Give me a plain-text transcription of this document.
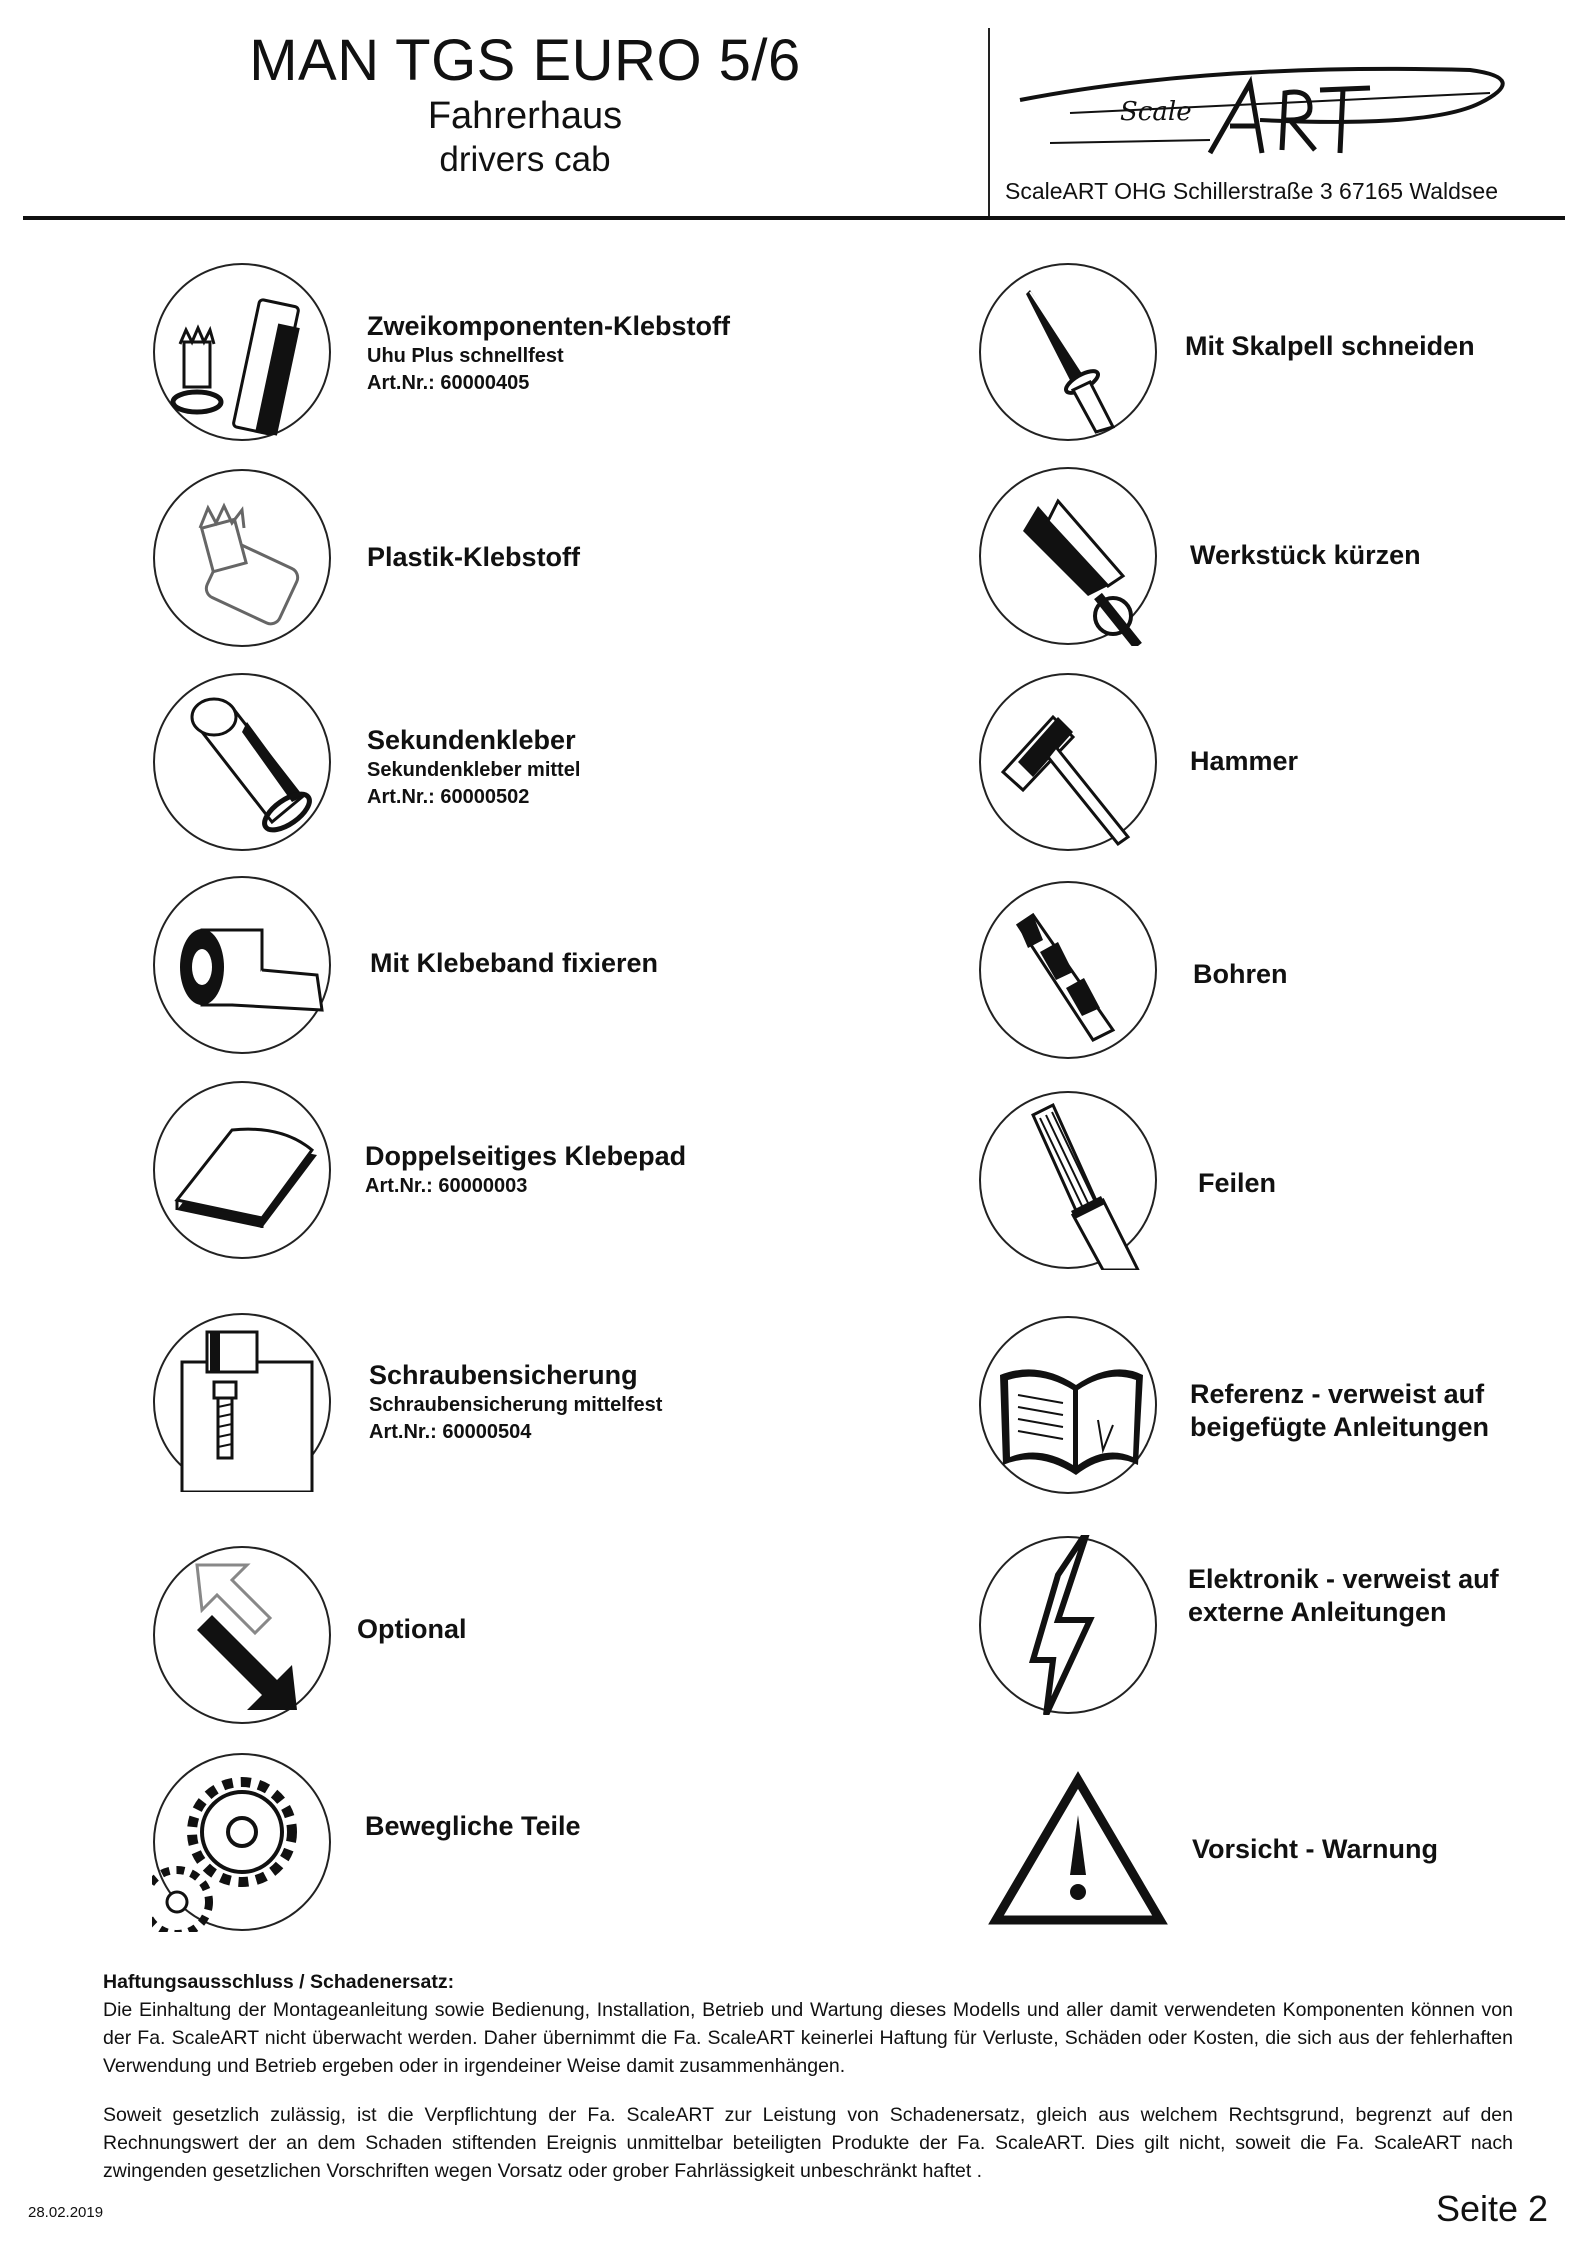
MAN TGS EURO 5/6
Fahrerhaus
drivers cab
Scale
ScaleART OHG Schillerstraße 3 67165 Waldsee
Zweikomponenten-Klebstoff
Uhu Plus schnellfest
Art.Nr.: 60000405
Plastik-Klebstoff
Sekundenkleber
Sekundenkleber mittel
Art.Nr.: 60000502
Mit Klebeband fixieren
Doppelseitiges Klebepad
Art.Nr.: 60000003
Schraubensicherung
Schraubensicherung mittelfest
Art.Nr.: 60000504
Optional
Bewegliche Teile
Mit Skalpell schneiden
Werkstück kürzen
Hammer
Bohren
Feilen
Referenz - verweist auf
beigefügte Anleitungen
Elektronik - verweist auf
externe Anleitungen
Vorsicht - Warnung
Haftungsausschluss / Schadenersatz:

Die Einhaltung der Montageanleitung sowie Bedienung, Installation, Betrieb und Wartung dieses Modells und aller damit verwendeten Komponenten können von der Fa. ScaleART nicht überwacht werden. Daher übernimmt die Fa. ScaleART keinerlei Haftung für Verluste, Schäden oder Kosten, die sich aus der fehlerhaften Verwendung und Betrieb ergeben oder in irgendeiner Weise damit zusammenhängen.

Soweit gesetzlich zulässig, ist die Verpflichtung der Fa. ScaleART zur Leistung von Schadenersatz, gleich aus welchem Rechtsgrund, begrenzt auf den Rechnungswert der an dem Schaden stiftenden Ereignis unmittelbar beteiligten Produkte der Fa. ScaleART. Dies gilt nicht, soweit die Fa. ScaleART nach zwingenden gesetzlichen Vorschriften wegen Vorsatz oder grober Fahrlässigkeit unbeschränkt haftet .

28.02.2019	Seite 2
